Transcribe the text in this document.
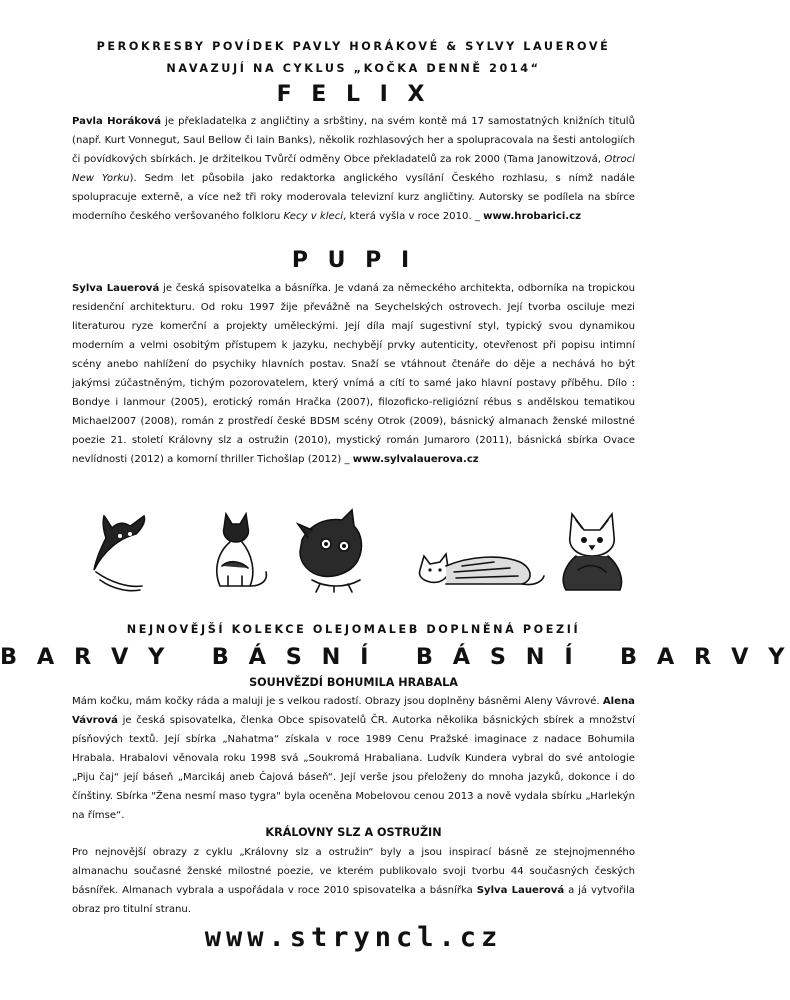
PEROKRESBY POVÍDEK PAVLY HORÁKOVÉ & SYLVY LAUEROVÉ
NAVAZUJÍ NA CYKLUS „KOČKA DENNĚ 2014“
F E L I X
Pavla Horáková je překladatelka z angličtiny a srbštiny, na svém kontě má 17 samostatných knižních titulů (např. Kurt Vonnegut, Saul Bellow či Iain Banks), několik rozhlasových her a spolupracovala na šesti antologiích či povídkových sbírkách. Je držitelkou Tvůrčí odměny Obce překladatelů za rok 2000 (Tama Janowitzová, Otroci New Yorku). Sedm let působila jako redaktorka anglického vysílání Českého rozhlasu, s nímž nadále spolupracuje externě, a více než tři roky moderovala televizní kurz angličtiny. Autorsky se podílela na sbírce moderního českého veršovaného folkloru Kecy v kleci, která vyšla v roce 2010. _ www.hrobarici.cz
P U P I
Sylva Lauerová je česká spisovatelka a básnířka. Je vdaná za německého architekta, odborníka na tropickou residenční architekturu. Od roku 1997 žije převážně na Seychelských ostrovech. Její tvorba osciluje mezi literaturou ryze komerční a projekty uměleckými. Její díla mají sugestivní styl, typický svou dynamikou moderním a velmi osobitým přístupem k jazyku, nechybějí prvky autenticity, otevřenost při popisu intimní scény anebo nahlížení do psychiky hlavních postav. Snaží se vtáhnout čtenáře do děje a nechává ho být jakýmsi zúčastněným, tichým pozorovatelem, který vnímá a cítí to samé jako hlavní postavy příběhu. Dílo : Bondye i lanmour (2005), erotický román Hračka (2007), filozoficko-religiózní rébus s andělskou tematikou Michael2007 (2008), román z prostředí české BDSM scény Otrok (2009), básnický almanach ženské milostné poezie 21. století Královny slz a ostružin (2010), mystický román Jumaroro (2011), básnická sbírka Ovace nevlídnosti (2012) a komorní thriller Tichošlap (2012) _ www.sylvalauerova.cz
NEJNOVĚJŠÍ KOLEKCE OLEJOMALEB DOPLNĚNÁ POEZIÍ
B A R V Y   B Á S N Í   B Á S N Í   B A R V Y
SOUHVĚZDÍ BOHUMILA HRABALA
Mám kočku, mám kočky ráda a maluji je s velkou radostí. Obrazy jsou doplněny básněmi Aleny Vávrové. Alena Vávrová je česká spisovatelka, členka Obce spisovatelů ČR. Autorka několika básnických sbírek a množství písňových textů. Její sbírka „Nahatma“ získala v roce 1989 Cenu Pražské imaginace z nadace Bohumila Hrabala. Hrabalovi věnovala roku 1998 svá „Soukromá Hrabaliana. Ludvík Kundera vybral do své antologie „Piju čaj“ její báseň „Marcikáj aneb Čajová báseň“. Její verše jsou přeloženy do mnoha jazyků, dokonce i do čínštiny. Sbírka "Žena nesmí maso tygra" byla oceněna Mobelovou cenou 2013 a nově vydala sbírku „Harlekýn na římse“.
KRÁLOVNY SLZ A OSTRUŽIN
Pro nejnovější obrazy z cyklu „Královny slz a ostružin“ byly a jsou inspirací básně ze stejnojmenného almanachu současné ženské milostné poezie, ve kterém publikovalo svoji tvorbu 44 současných českých básnířek. Almanach vybrala a uspořádala v roce 2010 spisovatelka a básnířka Sylva Lauerová a já vytvořila obraz pro titulní stranu.
www.stryncl.cz
